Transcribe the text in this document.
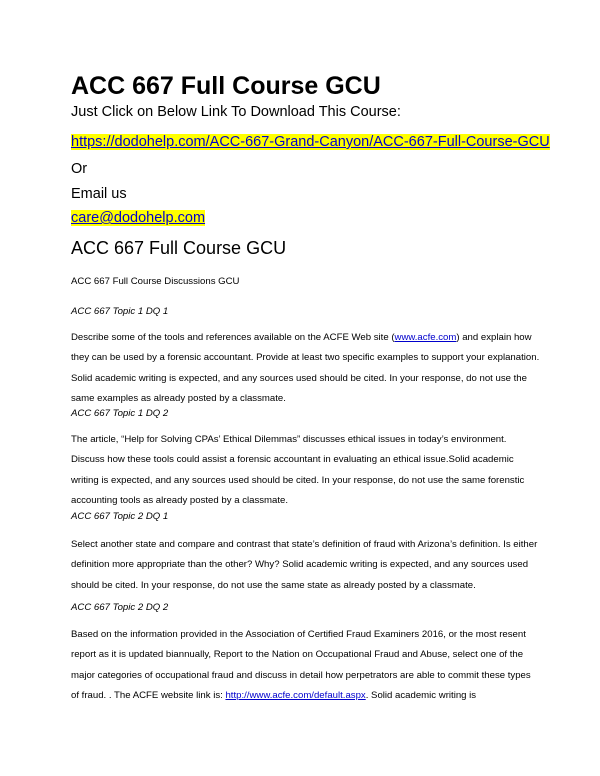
ACC 667 Full Course GCU
Just Click on Below Link To Download This Course:
https://dodohelp.com/ACC-667-Grand-Canyon/ACC-667-Full-Course-GCU
Or
Email us
care@dodohelp.com
ACC 667 Full Course GCU
ACC 667 Full Course Discussions GCU
ACC 667 Topic 1 DQ 1
Describe some of the tools and references available on the ACFE Web site (www.acfe.com) and explain how they can be used by a forensic accountant. Provide at least two specific examples to support your explanation. Solid academic writing is expected, and any sources used should be cited. In your response, do not use the same examples as already posted by a classmate.
ACC 667 Topic 1 DQ 2
The article, “Help for Solving CPAs’ Ethical Dilemmas” discusses ethical issues in today’s environment. Discuss how these tools could assist a forensic accountant in evaluating an ethical issue.Solid academic writing is expected, and any sources used should be cited. In your response, do not use the same forenstic accounting tools as already posted by a classmate.
ACC 667 Topic 2 DQ 1
Select another state and compare and contrast that state’s definition of fraud with Arizona’s definition. Is either definition more appropriate than the other? Why? Solid academic writing is expected, and any sources used should be cited. In your response, do not use the same state as already posted by a classmate.
ACC 667 Topic 2 DQ 2
Based on the information provided in the Association of Certified Fraud Examiners 2016, or the most resent report as it is updated biannually, Report to the Nation on Occupational Fraud and Abuse, select one of the major categories of occupational fraud and discuss in detail how perpetrators are able to commit these types of fraud. . The ACFE website link is: http://www.acfe.com/default.aspx. Solid academic writing is
